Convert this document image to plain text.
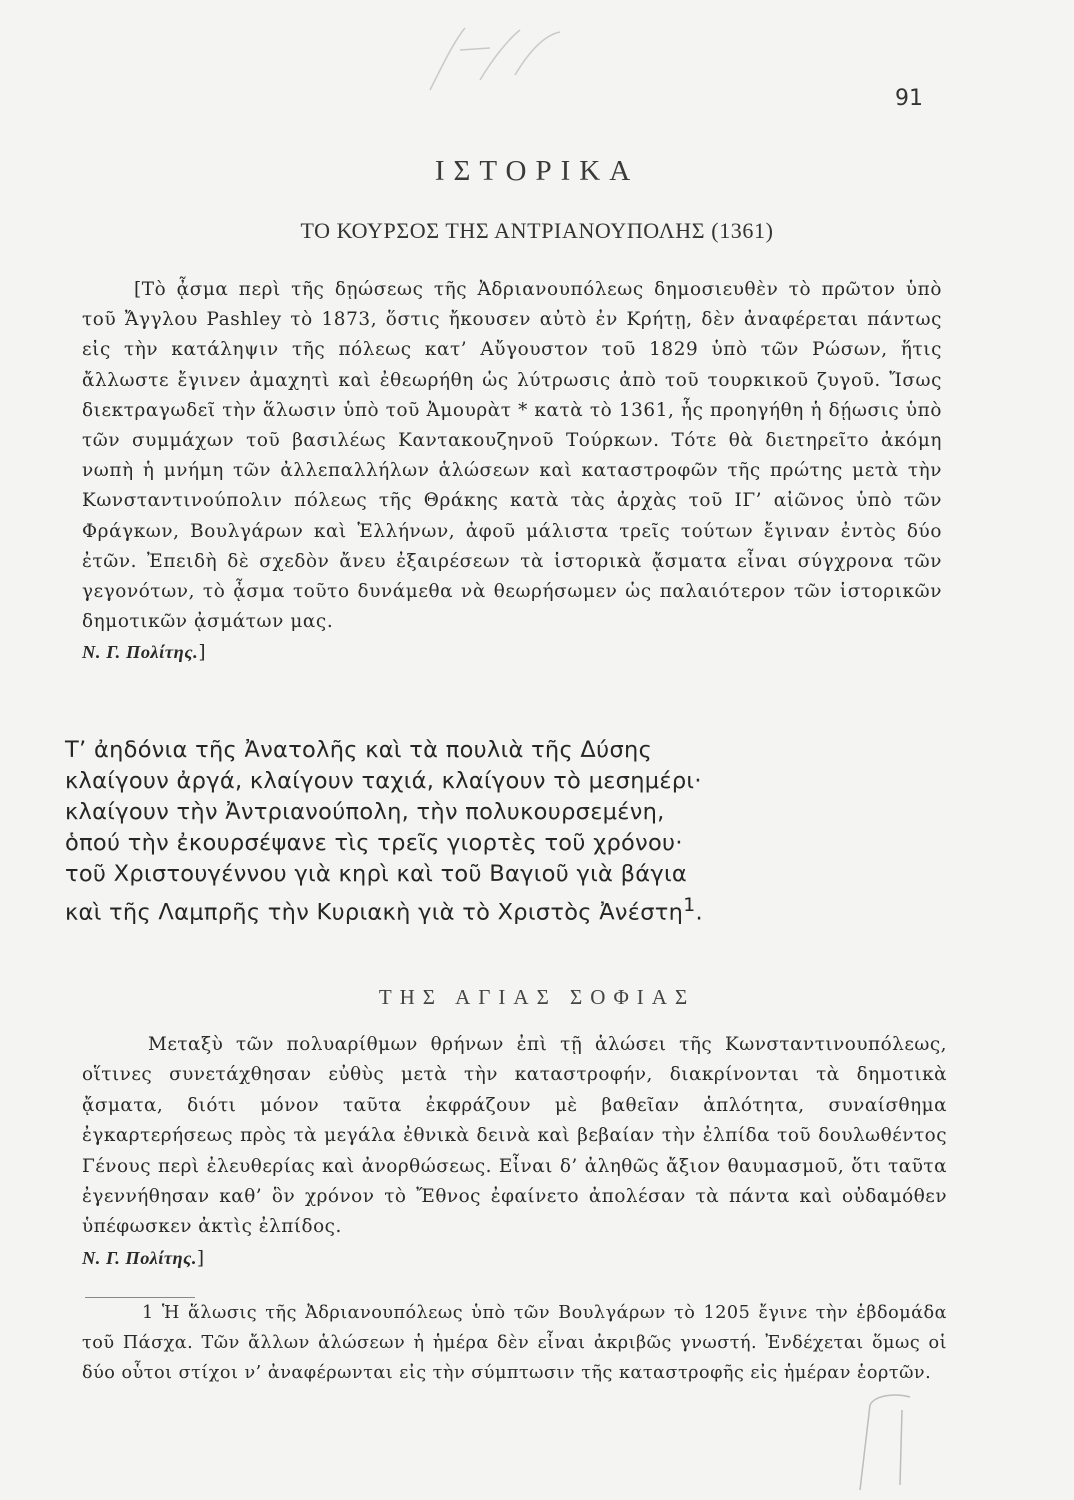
91
ΙΣΤΟΡΙΚΑ
ΤΟ ΚΟΥΡΣΟΣ ΤΗΣ ΑΝΤΡΙΑΝΟΥΠΟΛΗΣ (1361)

[Τὸ ᾆσμα περὶ τῆς δῃώσεως τῆς Ἀδριανουπόλεως δημοσιευθὲν τὸ πρῶτον ὑπὸ τοῦ Ἄγγλου Pashley τὸ 1873, ὅστις ἤκουσεν αὐτὸ ἐν Κρήτῃ, δὲν ἀναφέρεται πάντως εἰς τὴν κατάληψιν τῆς πόλεως κατ’ Αὔγουστον τοῦ 1829 ὑπὸ τῶν Ρώσων, ἥτις ἄλλωστε ἔγινεν ἀμαχητὶ καὶ ἐθεωρήθη ὡς λύτρωσις ἀπὸ τοῦ τουρκικοῦ ζυγοῦ. Ἴσως διεκτραγωδεῖ τὴν ἅλωσιν ὑπὸ τοῦ Ἀμουρὰτ * κατὰ τὸ 1361, ἧς προηγήθη ἡ δῄωσις ὑπὸ τῶν συμμάχων τοῦ βασιλέως Καντακουζηνοῦ Τούρκων. Τότε θὰ διετηρεῖτο ἀκόμη νωπὴ ἡ μνήμη τῶν ἀλλεπαλλήλων ἁλώσεων καὶ καταστροφῶν τῆς πρώτης μετὰ τὴν Κωνσταντινούπολιν πόλεως τῆς Θράκης κατὰ τὰς ἀρχὰς τοῦ ΙΓ’ αἰῶνος ὑπὸ τῶν Φράγκων, Βουλγάρων καὶ Ἑλλήνων, ἀφοῦ μάλιστα τρεῖς τούτων ἔγιναν ἐντὸς δύο ἐτῶν. Ἐπειδὴ δὲ σχεδὸν ἄνευ ἐξαιρέσεων τὰ ἱστορικὰ ᾄσματα εἶναι σύγχρονα τῶν γεγονότων, τὸ ᾆσμα τοῦτο δυνάμεθα νὰ θεωρήσωμεν ὡς παλαιότερον τῶν ἱστορικῶν δημοτικῶν ᾀσμάτων μας.
Ν. Γ. Πολίτης.]

Τ’ ἀηδόνια τῆς Ἀνατολῆς καὶ τὰ πουλιὰ τῆς Δύσης
κλαίγουν ἀργά, κλαίγουν ταχιά, κλαίγουν τὸ μεσημέρι·
κλαίγουν τὴν Ἀντριανούπολη, τὴν πολυκουρσεμένη,
ὁπού τὴν ἐκουρσέψανε τὶς τρεῖς γιορτὲς τοῦ χρόνου·
τοῦ Χριστουγέννου γιὰ κηρὶ καὶ τοῦ Βαγιοῦ γιὰ βάγια
καὶ τῆς Λαμπρῆς τὴν Κυριακὴ γιὰ τὸ Χριστὸς Ἀνέστη$^1$.
ΤΗΣ ΑΓΙΑΣ ΣΟΦΙΑΣ

Μεταξὺ τῶν πολυαρίθμων θρήνων ἐπὶ τῇ ἁλώσει τῆς Κωνσταντινουπόλεως, οἵτινες συνετάχθησαν εὐθὺς μετὰ τὴν καταστροφήν, διακρίνονται τὰ δημοτικὰ ᾄσματα, διότι μόνον ταῦτα ἐκφράζουν μὲ βαθεῖαν ἁπλότητα, συναίσθημα ἐγκαρτερήσεως πρὸς τὰ μεγάλα ἐθνικὰ δεινὰ καὶ βεβαίαν τὴν ἐλπίδα τοῦ δουλωθέντος Γένους περὶ ἐλευθερίας καὶ ἀνορθώσεως. Εἶναι δ’ ἀληθῶς ἄξιον θαυμασμοῦ, ὅτι ταῦτα ἐγεννήθησαν καθ’ ὃν χρόνον τὸ Ἔθνος ἐφαίνετο ἀπολέσαν τὰ πάντα καὶ οὐδαμόθεν ὑπέφωσκεν ἀκτὶς ἐλπίδος.
Ν. Γ. Πολίτης.]

1 Ἡ ἅλωσις τῆς Ἀδριανουπόλεως ὑπὸ τῶν Βουλγάρων τὸ 1205 ἔγινε τὴν ἑβδομάδα τοῦ Πάσχα. Τῶν ἄλλων ἁλώσεων ἡ ἡμέρα δὲν εἶναι ἀκριβῶς γνωστή. Ἐνδέχεται ὅμως οἱ δύο οὗτοι στίχοι ν’ ἀναφέρωνται εἰς τὴν σύμπτωσιν τῆς καταστροφῆς εἰς ἡμέραν ἑορτῶν.
